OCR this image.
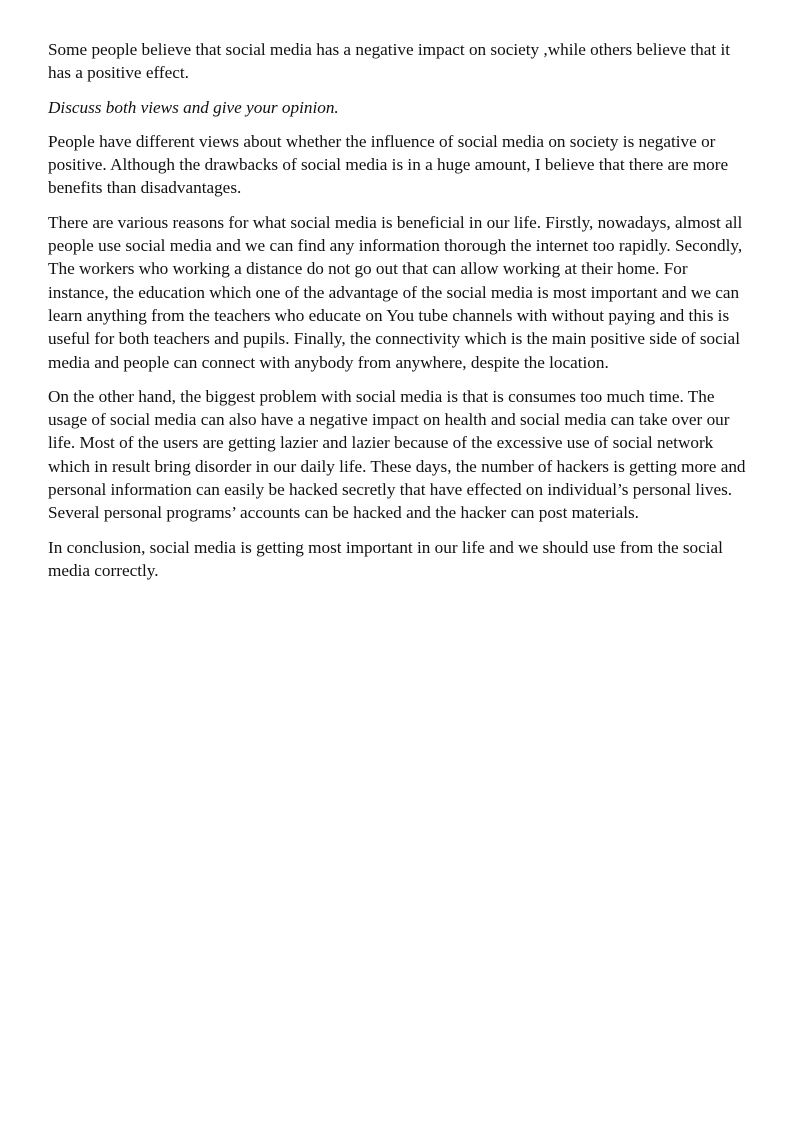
Some people believe that social media has a negative impact on society ,while others believe that it has a positive effect.

Discuss both views and give your opinion.

People have different views about whether the influence of social media on society is negative or positive. Although the drawbacks of social media is in a huge amount, I believe that there are more benefits than disadvantages.

There are various reasons for what social media is beneficial in our life. Firstly, nowadays, almost all people use social media and we can find any information thorough the internet too rapidly. Secondly, The workers who working a distance do not go out that can allow working at their home. For instance, the education which one of the advantage of the social media is most important and we can learn anything from the teachers who educate on You tube channels with without paying and this is useful for both teachers and pupils. Finally, the connectivity which is the main positive side of social media and people can connect with anybody from anywhere, despite the location.

On the other hand, the biggest problem with social media is that is consumes too much time. The usage of social media can also have a negative impact on health and social media can take over our life. Most of the users are getting lazier and lazier because of the excessive use of social network which in result bring disorder in our daily life. These days, the number of hackers is getting more and personal information can easily be hacked secretly that have effected on individual’s personal lives. Several personal programs’ accounts can be hacked and the hacker can post materials.

In conclusion, social media is getting most important in our life and we should use from the social media correctly.
